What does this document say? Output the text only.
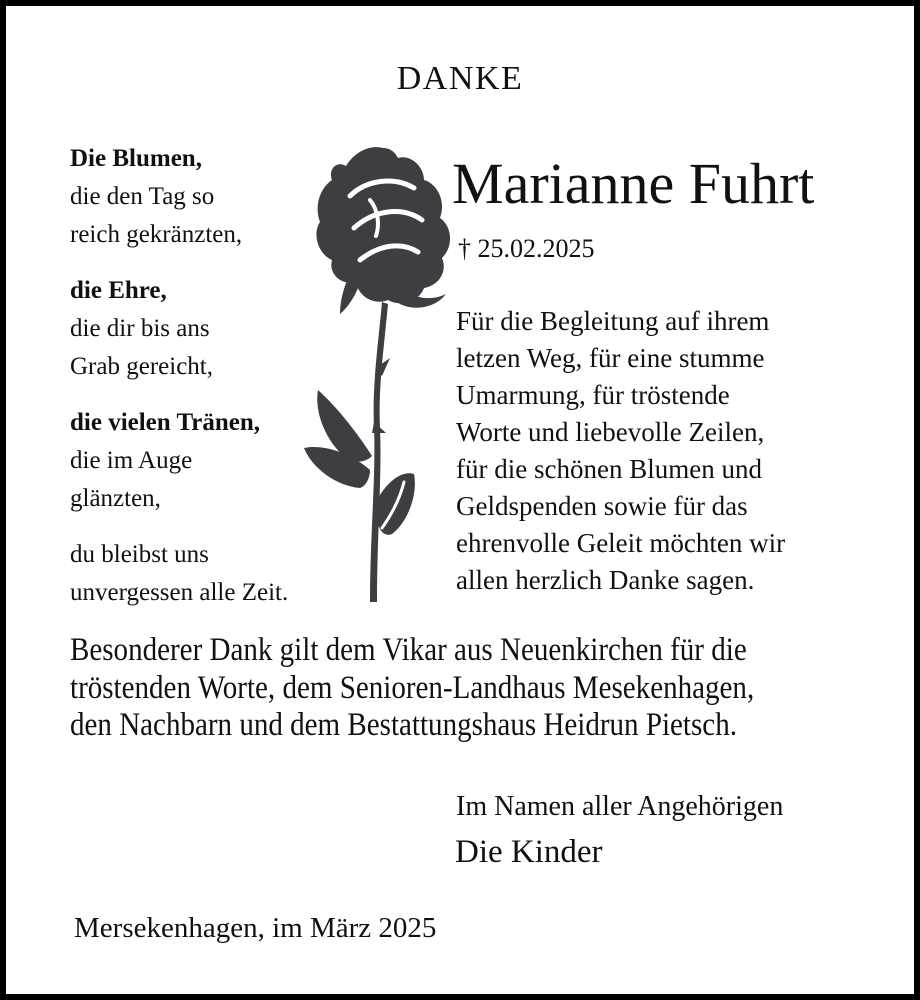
DANKE
Die Blumen,
die den Tag so
reich gekränzten,
die Ehre,
die dir bis ans
Grab gereicht,
die vielen Tränen,
die im Auge
glänzten,
du bleibst uns
unvergessen alle Zeit.
Marianne Fuhrt
† 25.02.2025
Für die Begleitung auf ihrem
letzen Weg, für eine stumme
Umarmung, für tröstende
Worte und liebevolle Zeilen,
für die schönen Blumen und
Geldspenden sowie für das
ehrenvolle Geleit möchten wir
allen herzlich Danke sagen.
Besonderer Dank gilt dem Vikar aus Neuenkirchen für die
tröstenden Worte, dem Senioren-Landhaus Mesekenhagen,
den Nachbarn und dem Bestattungshaus Heidrun Pietsch.
Im Namen aller Angehörigen
Die Kinder
Mersekenhagen, im März 2025
